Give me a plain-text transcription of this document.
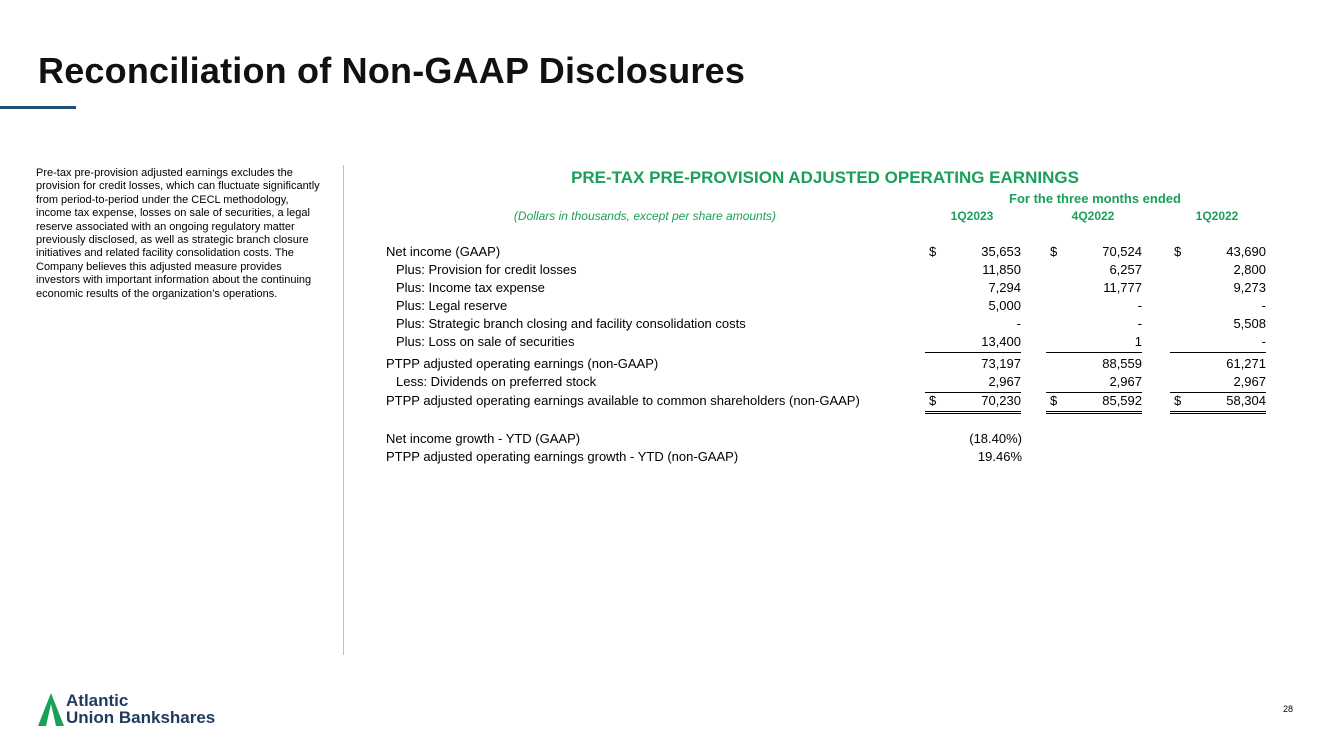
Reconciliation of Non-GAAP Disclosures
Pre-tax pre-provision adjusted earnings excludes the provision for credit losses, which can fluctuate significantly from period-to-period under the CECL methodology, income tax expense, losses on sale of securities, a legal reserve associated with an ongoing regulatory matter previously disclosed, as well as strategic branch closure initiatives and related facility consolidation costs. The Company believes this adjusted measure provides investors with important information about the continuing economic results of the organization’s operations.
PRE-TAX PRE-PROVISION ADJUSTED OPERATING EARNINGS
For the three months ended
(Dollars in thousands, except per share amounts)	1Q2023	4Q2022	1Q2022
Net income (GAAP)	$	35,653 $	70,524 $	43,690
Plus: Provision for credit losses	11,850	6,257	2,800
Plus: Income tax expense	7,294	11,777	9,273
Plus: Legal reserve	5,000	-	-
Plus: Strategic branch closing and facility consolidation costs	-	-	5,508
Plus: Loss on sale of securities	13,400	1	-
PTPP adjusted operating earnings (non-GAAP)	73,197	88,559	61,271
Less: Dividends on preferred stock	2,967	2,967	2,967
PTPP adjusted operating earnings available to common shareholders (non-GAAP)	$	70,230 $	85,592 $	58,304
Net income growth - YTD (GAAP)	(18.40%)
PTPP adjusted operating earnings growth - YTD (non-GAAP)	19.46%
Atlantic
Union Bankshares	28
